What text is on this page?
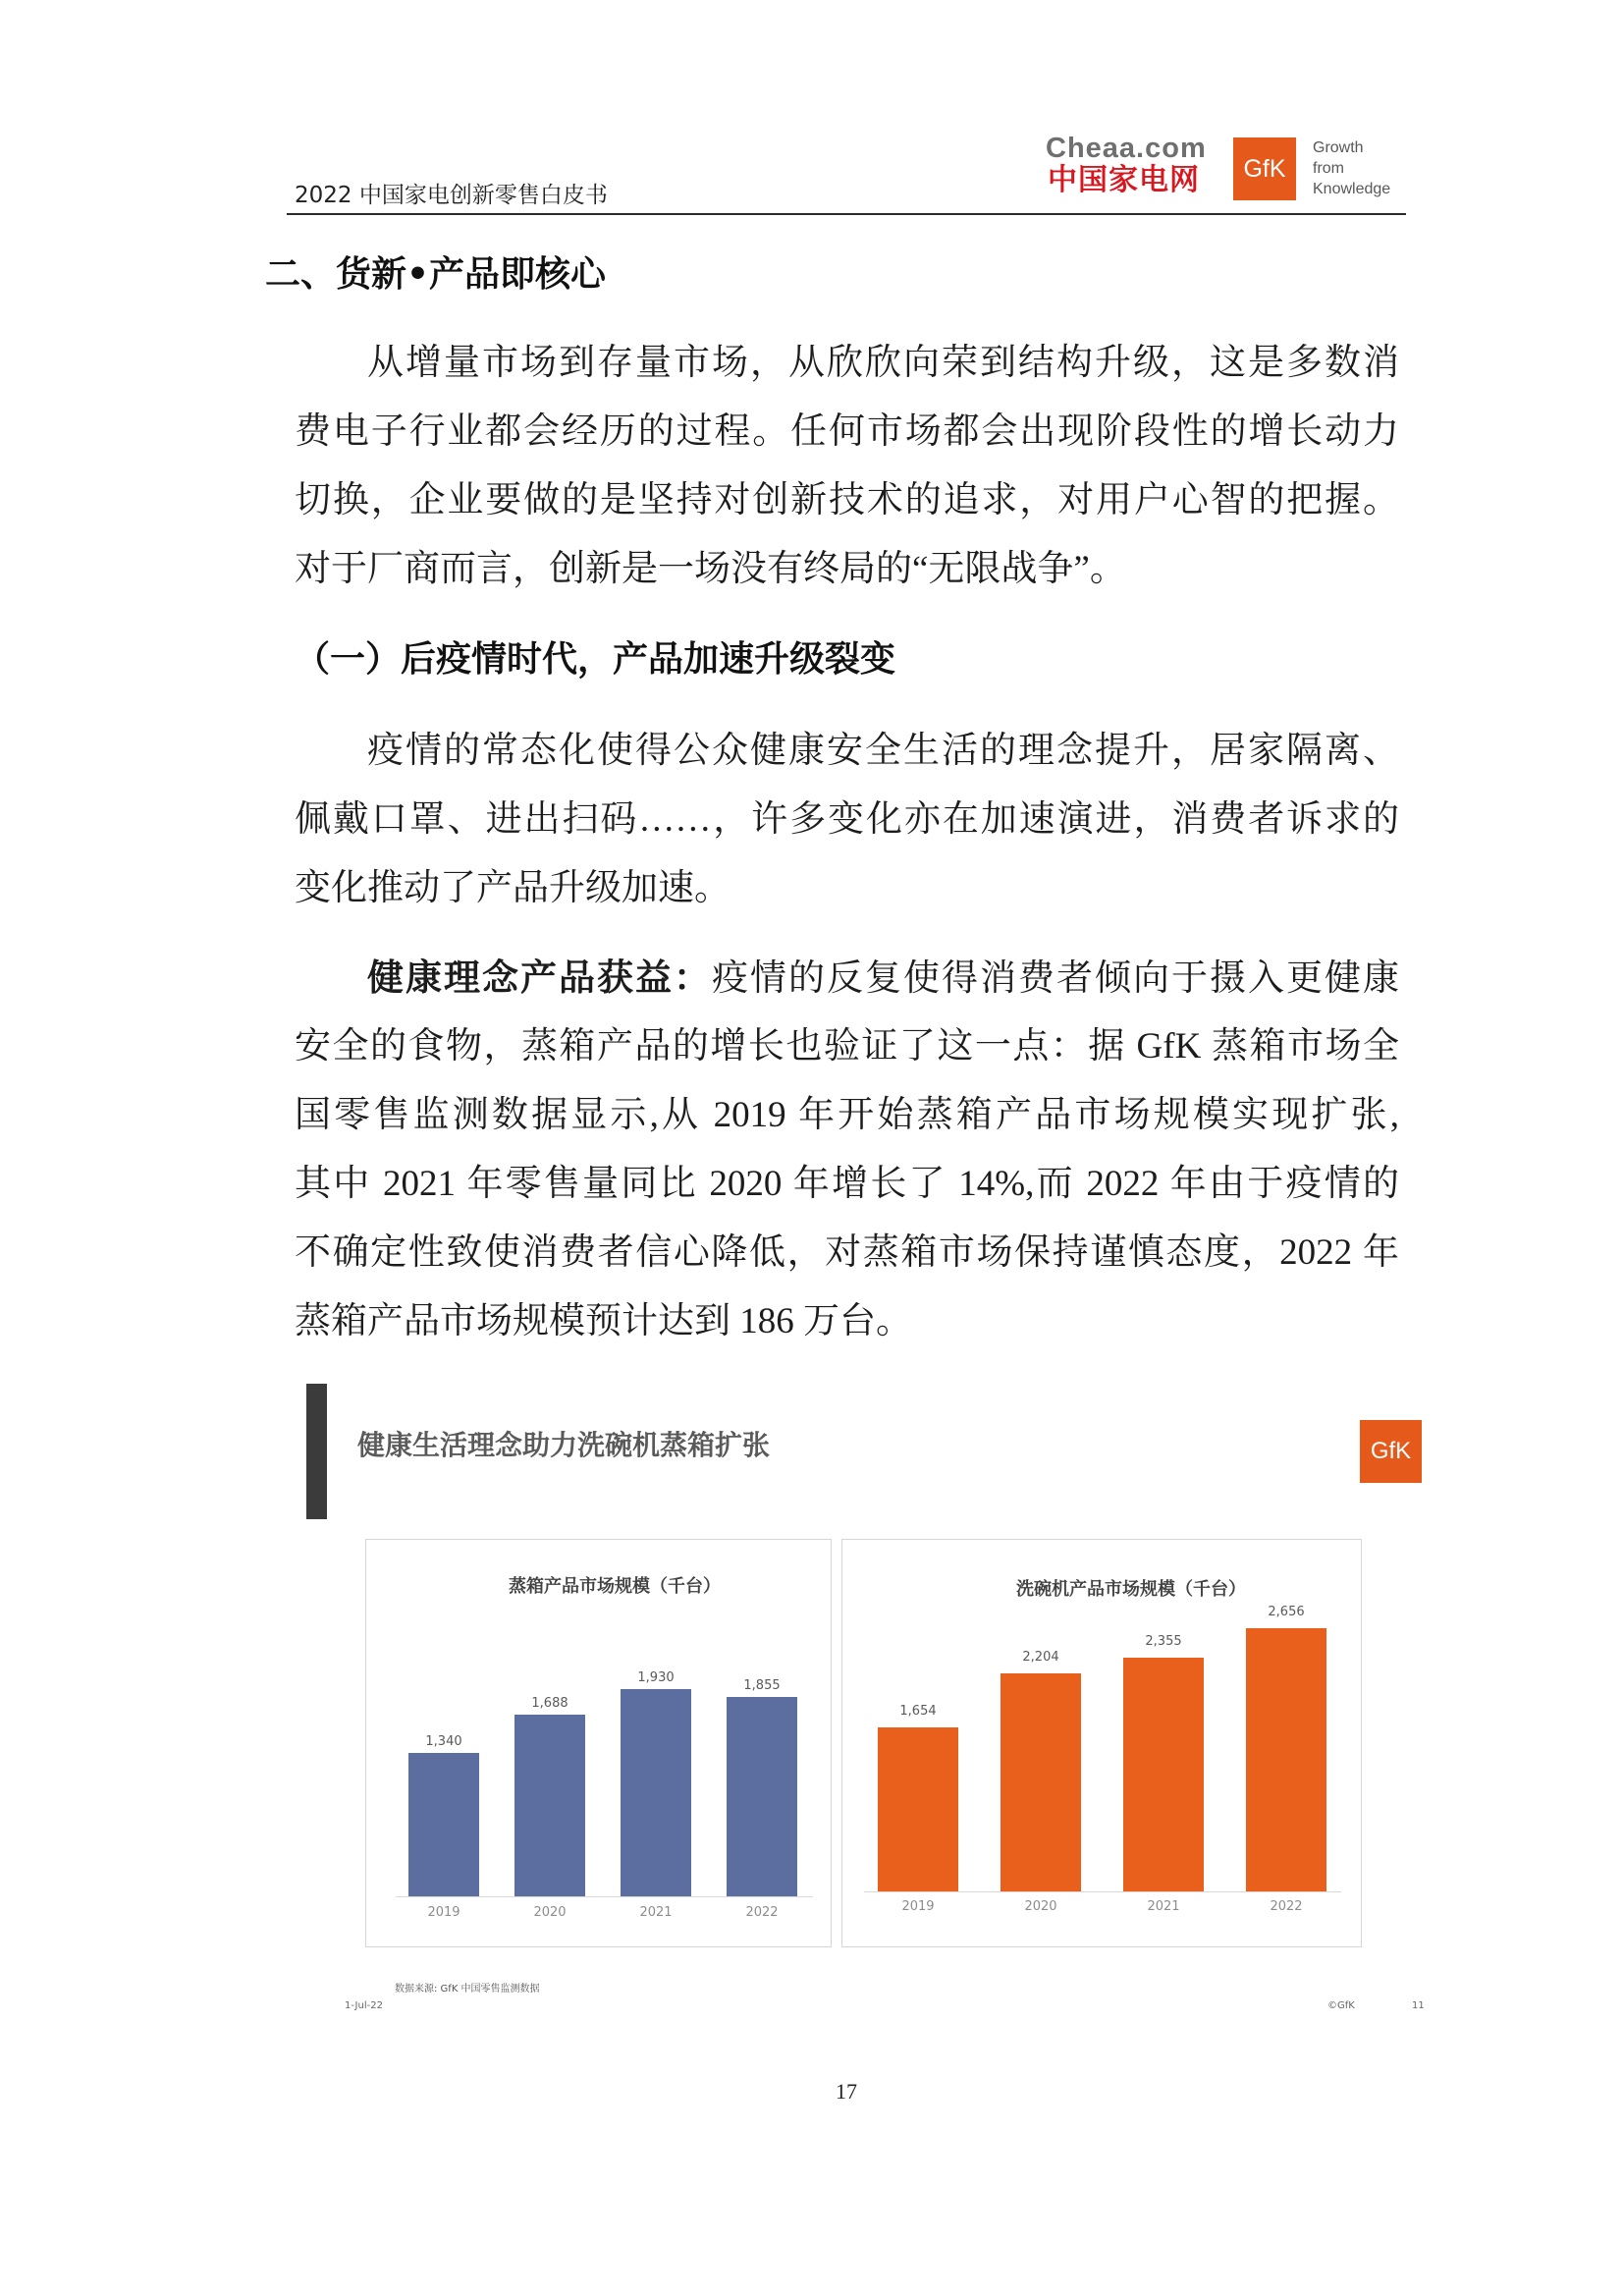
2022 中国家电创新零售白皮书
Cheaa.com
中国家电网	GfK
Growth
from
Knowledge
二、货新•产品即核心
从增量市场到存量市场，从欣欣向荣到结构升级，这是多数消
费电子行业都会经历的过程。任何市场都会出现阶段性的增长动力
切换，企业要做的是坚持对创新技术的追求，对用户心智的把握。
对于厂商而言，创新是一场没有终局的“无限战争”。
（一）后疫情时代，产品加速升级裂变
疫情的常态化使得公众健康安全生活的理念提升，居家隔离、
佩戴口罩、进出扫码……，许多变化亦在加速演进，消费者诉求的
变化推动了产品升级加速。
健康理念产品获益：疫情的反复使得消费者倾向于摄入更健康
安全的食物，蒸箱产品的增长也验证了这一点：据 GfK 蒸箱市场全
国零售监测数据显示,从 2019 年开始蒸箱产品市场规模实现扩张,
其中 2021 年零售量同比 2020 年增长了 14%,而 2022 年由于疫情的
不确定性致使消费者信心降低，对蒸箱市场保持谨慎态度，2022 年
蒸箱产品市场规模预计达到 186 万台。
健康生活理念助力洗碗机蒸箱扩张	GfK
蒸箱产品市场规模（千台）
1,340
2019
1,688
2020
1,930
2021
1,855
2022
洗碗机产品市场规模（千台）
1,654
2019
2,204
2020
2,355
2021
2,656
2022
数据来源: GfK 中国零售监测数据
1-Jul-22	©GfK	11
17
